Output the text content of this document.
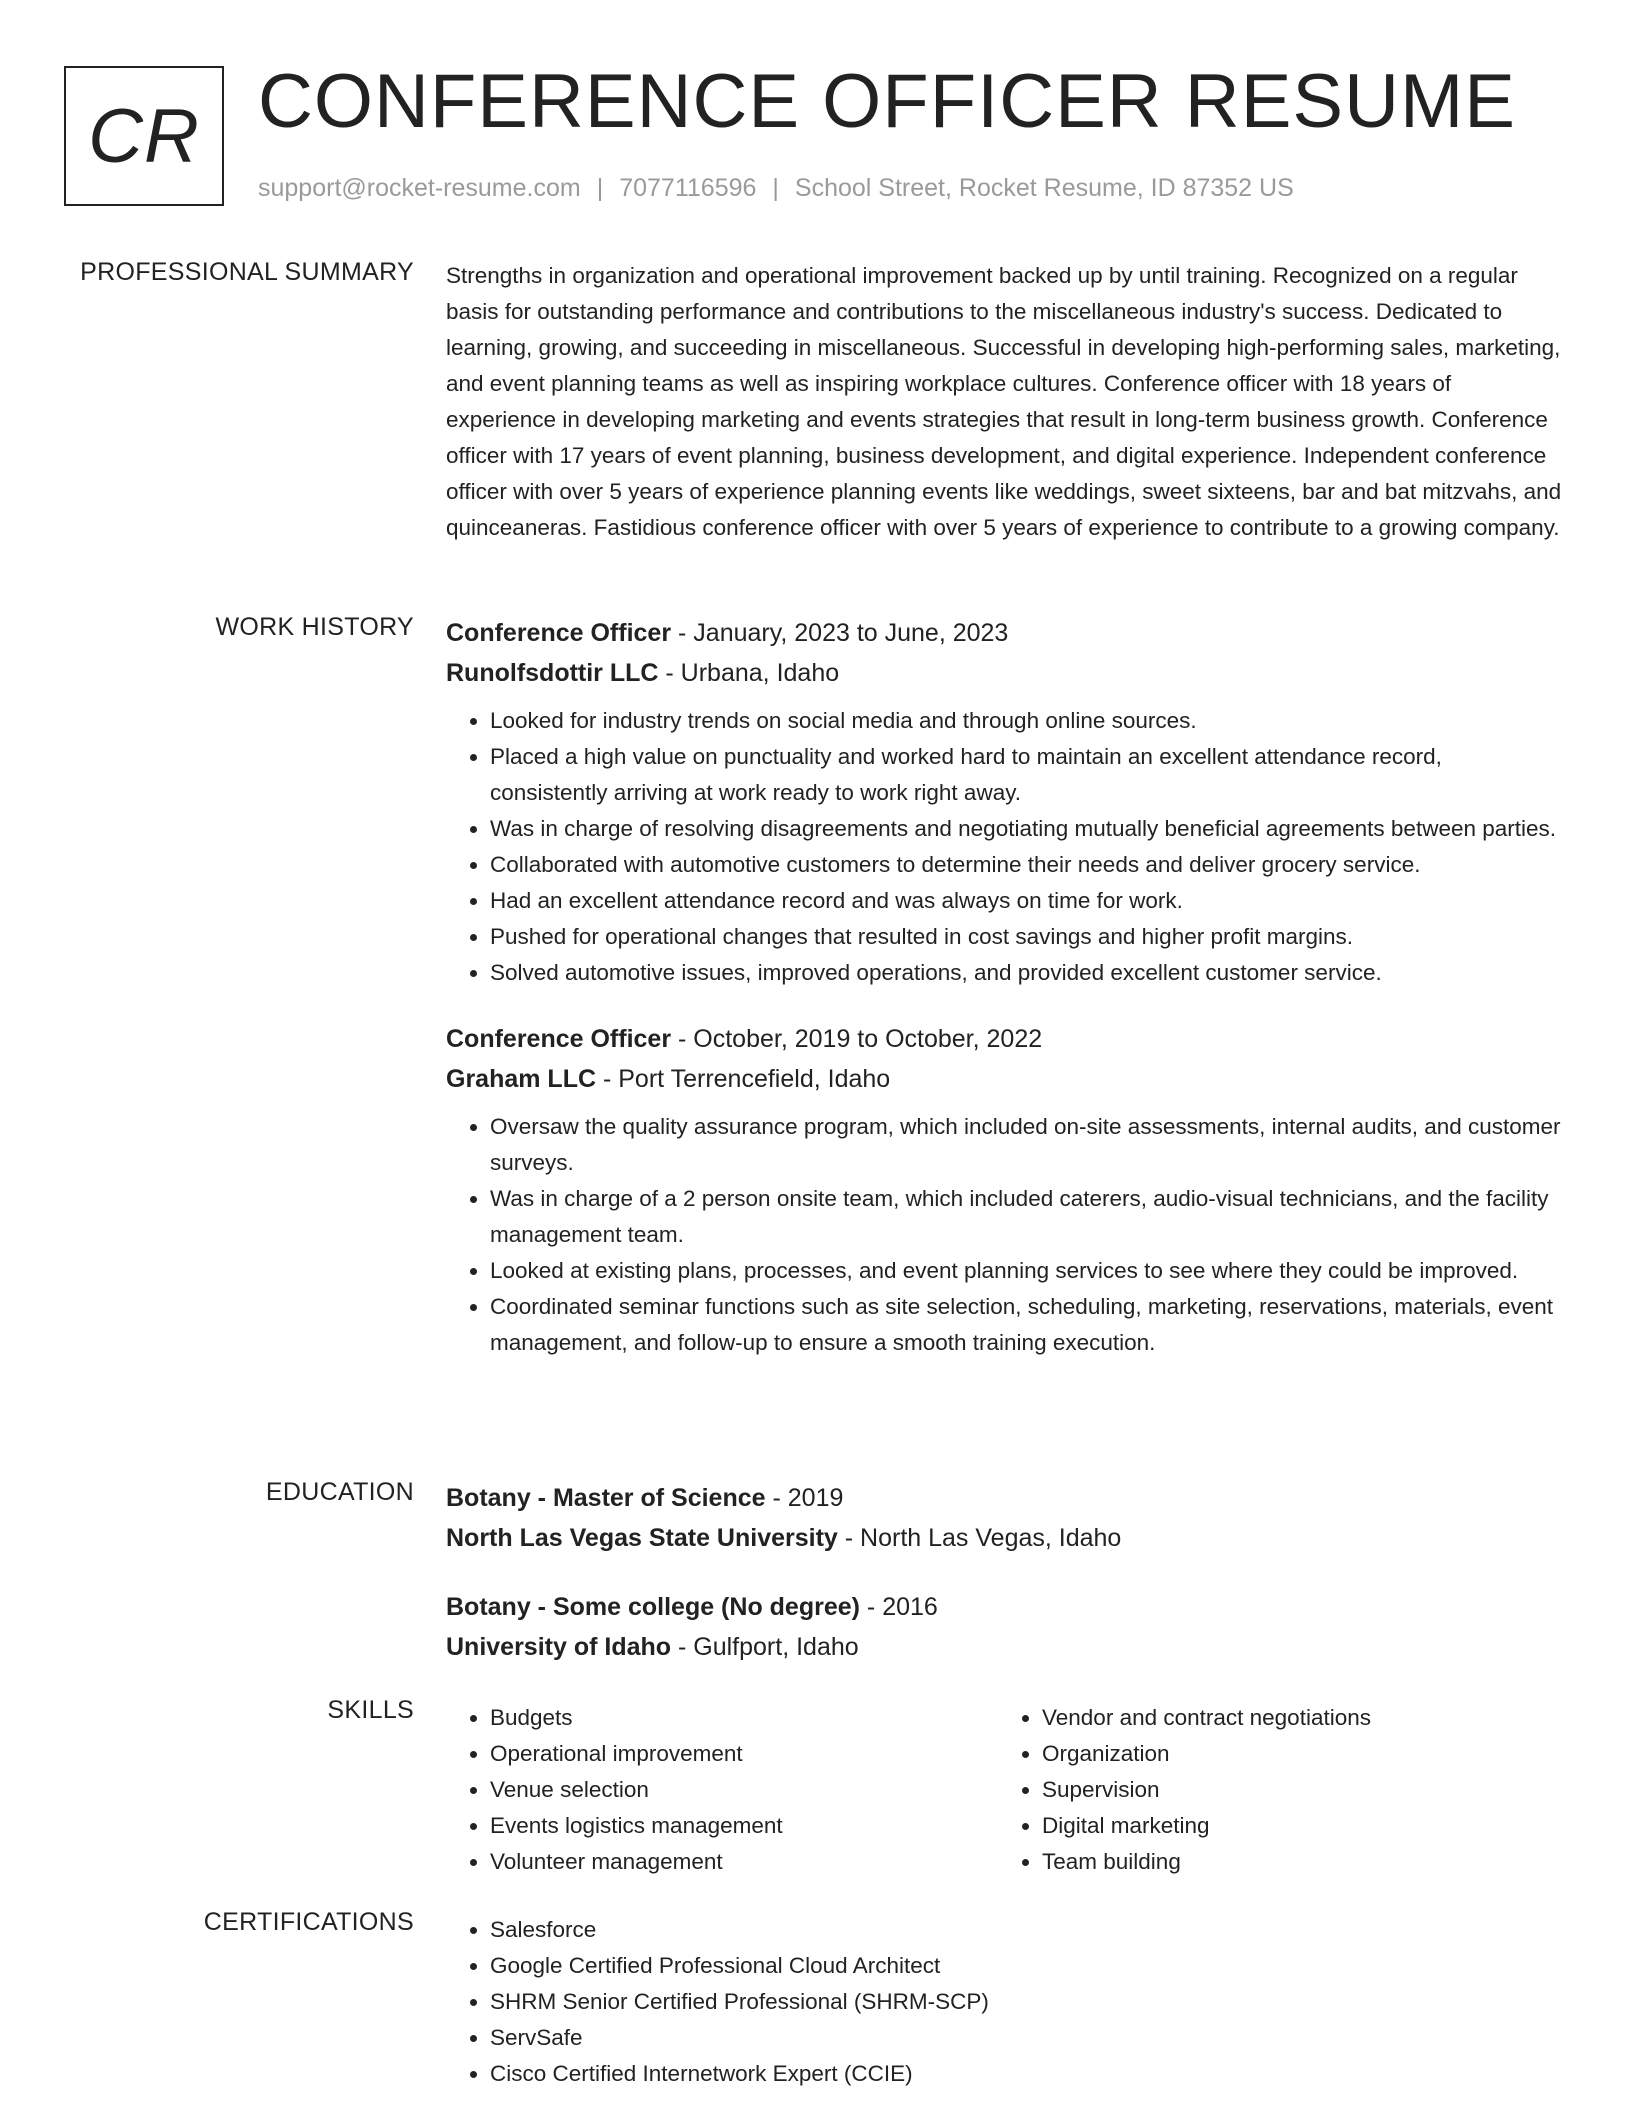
CR CONFERENCE OFFICER RESUME
support@rocket-resume.com | 7077116596 | School Street, Rocket Resume, ID 87352 US
PROFESSIONAL SUMMARY Strengths in organization and operational improvement backed up by until training. Recognized on a regular basis for outstanding performance and contributions to the miscellaneous industry's success. Dedicated to learning, growing, and succeeding in miscellaneous. Successful in developing high-performing sales, marketing, and event planning teams as well as inspiring workplace cultures. Conference officer with 18 years of experience in developing marketing and events strategies that result in long-term business growth. Conference officer with 17 years of event planning, business development, and digital experience. Independent conference officer with over 5 years of experience planning events like weddings, sweet sixteens, bar and bat mitzvahs, and quinceaneras. Fastidious conference officer with over 5 years of experience to contribute to a growing company.

WORK HISTORY Conference Officer - January, 2023 to June, 2023
Runolfsdottir LLC - Urbana, Idaho
• Looked for industry trends on social media and through online sources.
• Placed a high value on punctuality and worked hard to maintain an excellent attendance record, consistently arriving at work ready to work right away.
• Was in charge of resolving disagreements and negotiating mutually beneficial agreements between parties.
• Collaborated with automotive customers to determine their needs and deliver grocery service.
• Had an excellent attendance record and was always on time for work.
• Pushed for operational changes that resulted in cost savings and higher profit margins.
• Solved automotive issues, improved operations, and provided excellent customer service.
Conference Officer - October, 2019 to October, 2022
Graham LLC - Port Terrencefield, Idaho
• Oversaw the quality assurance program, which included on-site assessments, internal audits, and customer surveys.
• Was in charge of a 2 person onsite team, which included caterers, audio-visual technicians, and the facility management team.
• Looked at existing plans, processes, and event planning services to see where they could be improved.
• Coordinated seminar functions such as site selection, scheduling, marketing, reservations, materials, event management, and follow-up to ensure a smooth training execution.
EDUCATION Botany - Master of Science - 2019
North Las Vegas State University - North Las Vegas, Idaho
Botany - Some college (No degree) - 2016
University of Idaho - Gulfport, Idaho
SKILLS	• Budgets
• Operational improvement
• Venue selection
• Events logistics management
• Volunteer management
• Vendor and contract negotiations
• Organization
• Supervision
• Digital marketing
• Team building
CERTIFICATIONS	• Salesforce
• Google Certified Professional Cloud Architect
• SHRM Senior Certified Professional (SHRM-SCP)
• ServSafe
• Cisco Certified Internetwork Expert (CCIE)
